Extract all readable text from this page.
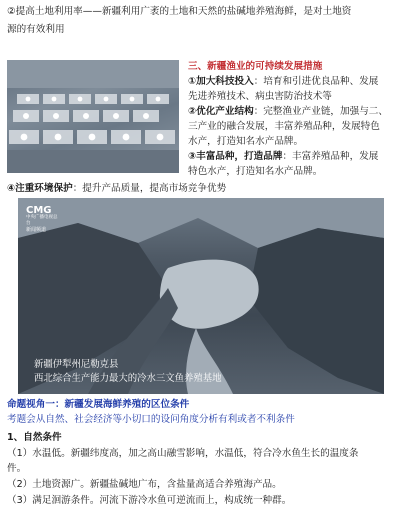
②提高土地利用率——新疆利用广袤的土地和天然的盐碱地养殖海鲜，是对土地资
源的有效利用
三、新疆渔业的可持续发展措施
①加大科技投入：培育和引进优良品种、发展
先进养殖技术、病虫害防治技术等
②优化产业结构：完整渔业产业链，加强与二、
三产业的融合发展，丰富养殖品种，发展特色
水产，打造知名水产品牌。
③丰富品种，打造品牌：丰富养殖品种，发展
特色水产，打造知名水产品牌。
④注重环境保护：提升产品质量，提高市场竞争优势
CMG
中央广播电视总台
新闻频道
新疆伊犁州尼勒克县
西北综合生产能力最大的冷水三文鱼养殖基地
命题视角一：新疆发展海鲜养殖的区位条件
考题会从自然、社会经济等小切口的设问角度分析有利或者不利条件
1、自然条件
（1）水温低。新疆纬度高，加之高山融雪影响，水温低，符合冷水鱼生长的温度条
件。
（2）土地资源广。新疆盐碱地广布，含盐量高适合养殖海产品。
（3）满足洄游条件。河流下游冷水鱼可逆流而上，构成统一种群。
